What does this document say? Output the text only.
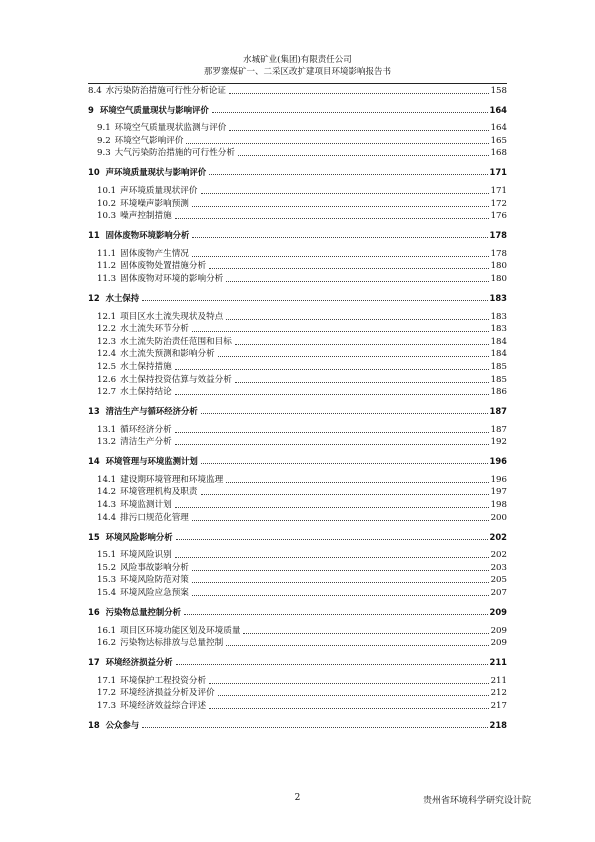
水城矿业(集团)有限责任公司
那罗寨煤矿一、二采区改扩建项目环境影响报告书
8.4 水污染防治措施可行性分析论证	158
9 环境空气质量现状与影响评价	164
9.1 环境空气质量现状监测与评价	164
9.2 环境空气影响评价	165
9.3 大气污染防治措施的可行性分析	168
10 声环境质量现状与影响评价	171
10.1 声环境质量现状评价	171
10.2 环境噪声影响预测	172
10.3 噪声控制措施	176
11 固体废物环境影响分析	178
11.1 固体废物产生情况	178
11.2 固体废物处置措施分析	180
11.3 固体废物对环境的影响分析	180
12 水土保持	183
12.1 项目区水土流失现状及特点	183
12.2 水土流失环节分析	183
12.3 水土流失防治责任范围和目标	184
12.4 水土流失预测和影响分析	184
12.5 水土保持措施	185
12.6 水土保持投资估算与效益分析	185
12.7 水土保持结论	186
13 清洁生产与循环经济分析	187
13.1 循环经济分析	187
13.2 清洁生产分析	192
14 环境管理与环境监测计划	196
14.1 建设期环境管理和环境监理	196
14.2 环境管理机构及职责	197
14.3 环境监测计划	198
14.4 排污口规范化管理	200
15 环境风险影响分析	202
15.1 环境风险识别	202
15.2 风险事故影响分析	203
15.3 环境风险防范对策	205
15.4 环境风险应急预案	207
16 污染物总量控制分析	209
16.1 项目区环境功能区划及环境质量	209
16.2 污染物达标排放与总量控制	209
17 环境经济损益分析	211
17.1 环境保护工程投资分析	211
17.2 环境经济损益分析及评价	212
17.3 环境经济效益综合评述	217
18 公众参与	218
2	贵州省环境科学研究设计院
